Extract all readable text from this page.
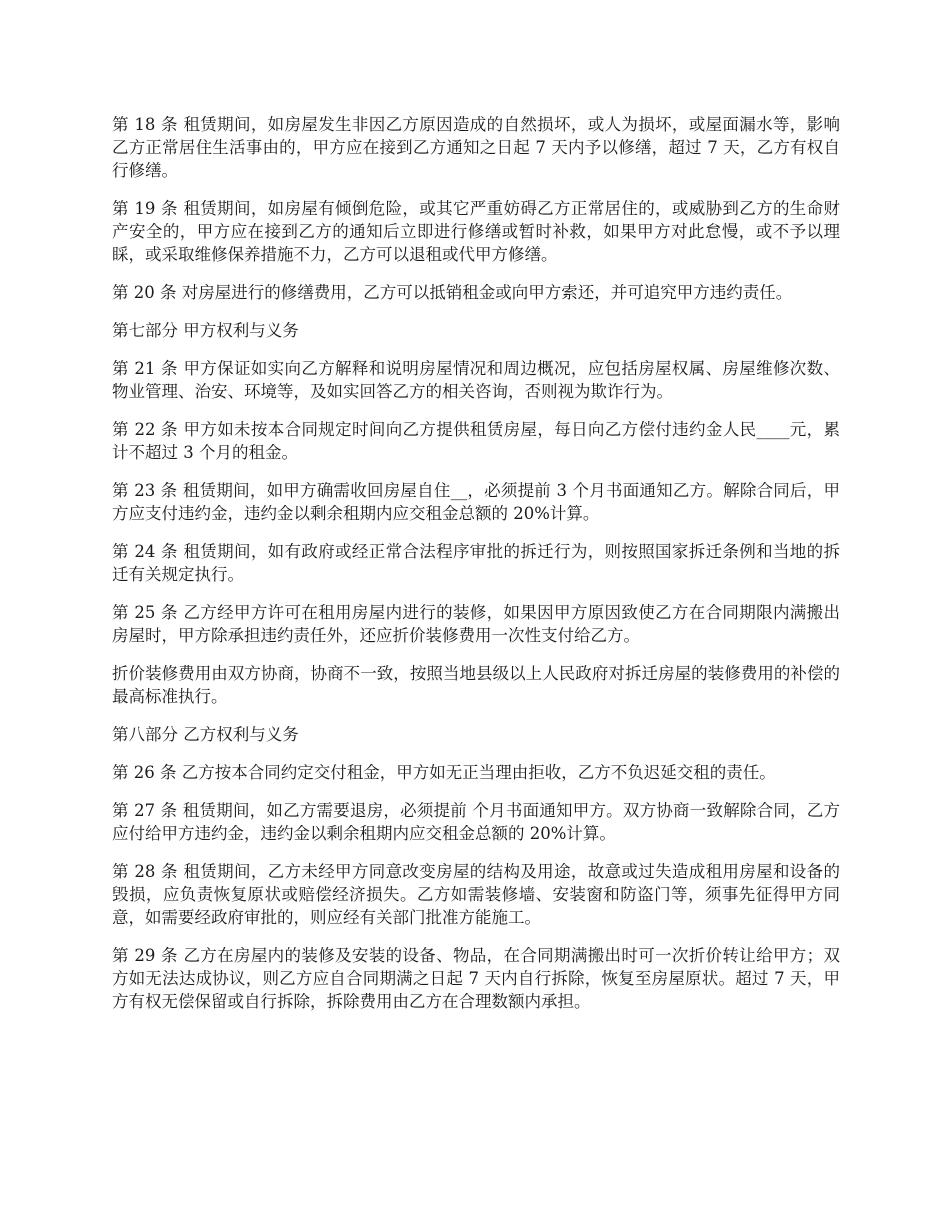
第 18 条 租赁期间，如房屋发生非因乙方原因造成的自然损坏，或人为损坏，或屋面漏水等，影响乙方正常居住生活事由的，甲方应在接到乙方通知之日起 7 天内予以修缮，超过 7 天，乙方有权自行修缮。

第 19 条 租赁期间，如房屋有倾倒危险，或其它严重妨碍乙方正常居住的，或威胁到乙方的生命财产安全的，甲方应在接到乙方的通知后立即进行修缮或暂时补救，如果甲方对此怠慢，或不予以理睬，或采取维修保养措施不力，乙方可以退租或代甲方修缮。

第 20 条 对房屋进行的修缮费用，乙方可以抵销租金或向甲方索还，并可追究甲方违约责任。

第七部分 甲方权利与义务

第 21 条 甲方保证如实向乙方解释和说明房屋情况和周边概况，应包括房屋权属、房屋维修次数、物业管理、治安、环境等，及如实回答乙方的相关咨询，否则视为欺诈行为。

第 22 条 甲方如未按本合同规定时间向乙方提供租赁房屋，每日向乙方偿付违约金人民____元，累计不超过 3 个月的租金。

第 23 条 租赁期间，如甲方确需收回房屋自住__，必须提前 3 个月书面通知乙方。解除合同后，甲方应支付违约金，违约金以剩余租期内应交租金总额的 20%计算。

第 24 条 租赁期间，如有政府或经正常合法程序审批的拆迁行为，则按照国家拆迁条例和当地的拆迁有关规定执行。

第 25 条 乙方经甲方许可在租用房屋内进行的装修，如果因甲方原因致使乙方在合同期限内满搬出房屋时，甲方除承担违约责任外，还应折价装修费用一次性支付给乙方。

折价装修费用由双方协商，协商不一致，按照当地县级以上人民政府对拆迁房屋的装修费用的补偿的最高标准执行。

第八部分 乙方权利与义务

第 26 条 乙方按本合同约定交付租金，甲方如无正当理由拒收，乙方不负迟延交租的责任。

第 27 条 租赁期间，如乙方需要退房，必须提前 个月书面通知甲方。双方协商一致解除合同，乙方应付给甲方违约金，违约金以剩余租期内应交租金总额的 20%计算。

第 28 条 租赁期间，乙方未经甲方同意改变房屋的结构及用途，故意或过失造成租用房屋和设备的毁损，应负责恢复原状或赔偿经济损失。乙方如需装修墙、安装窗和防盗门等，须事先征得甲方同意，如需要经政府审批的，则应经有关部门批准方能施工。

第 29 条 乙方在房屋内的装修及安装的设备、物品，在合同期满搬出时可一次折价转让给甲方；双方如无法达成协议，则乙方应自合同期满之日起 7 天内自行拆除，恢复至房屋原状。超过 7 天，甲方有权无偿保留或自行拆除，拆除费用由乙方在合理数额内承担。
